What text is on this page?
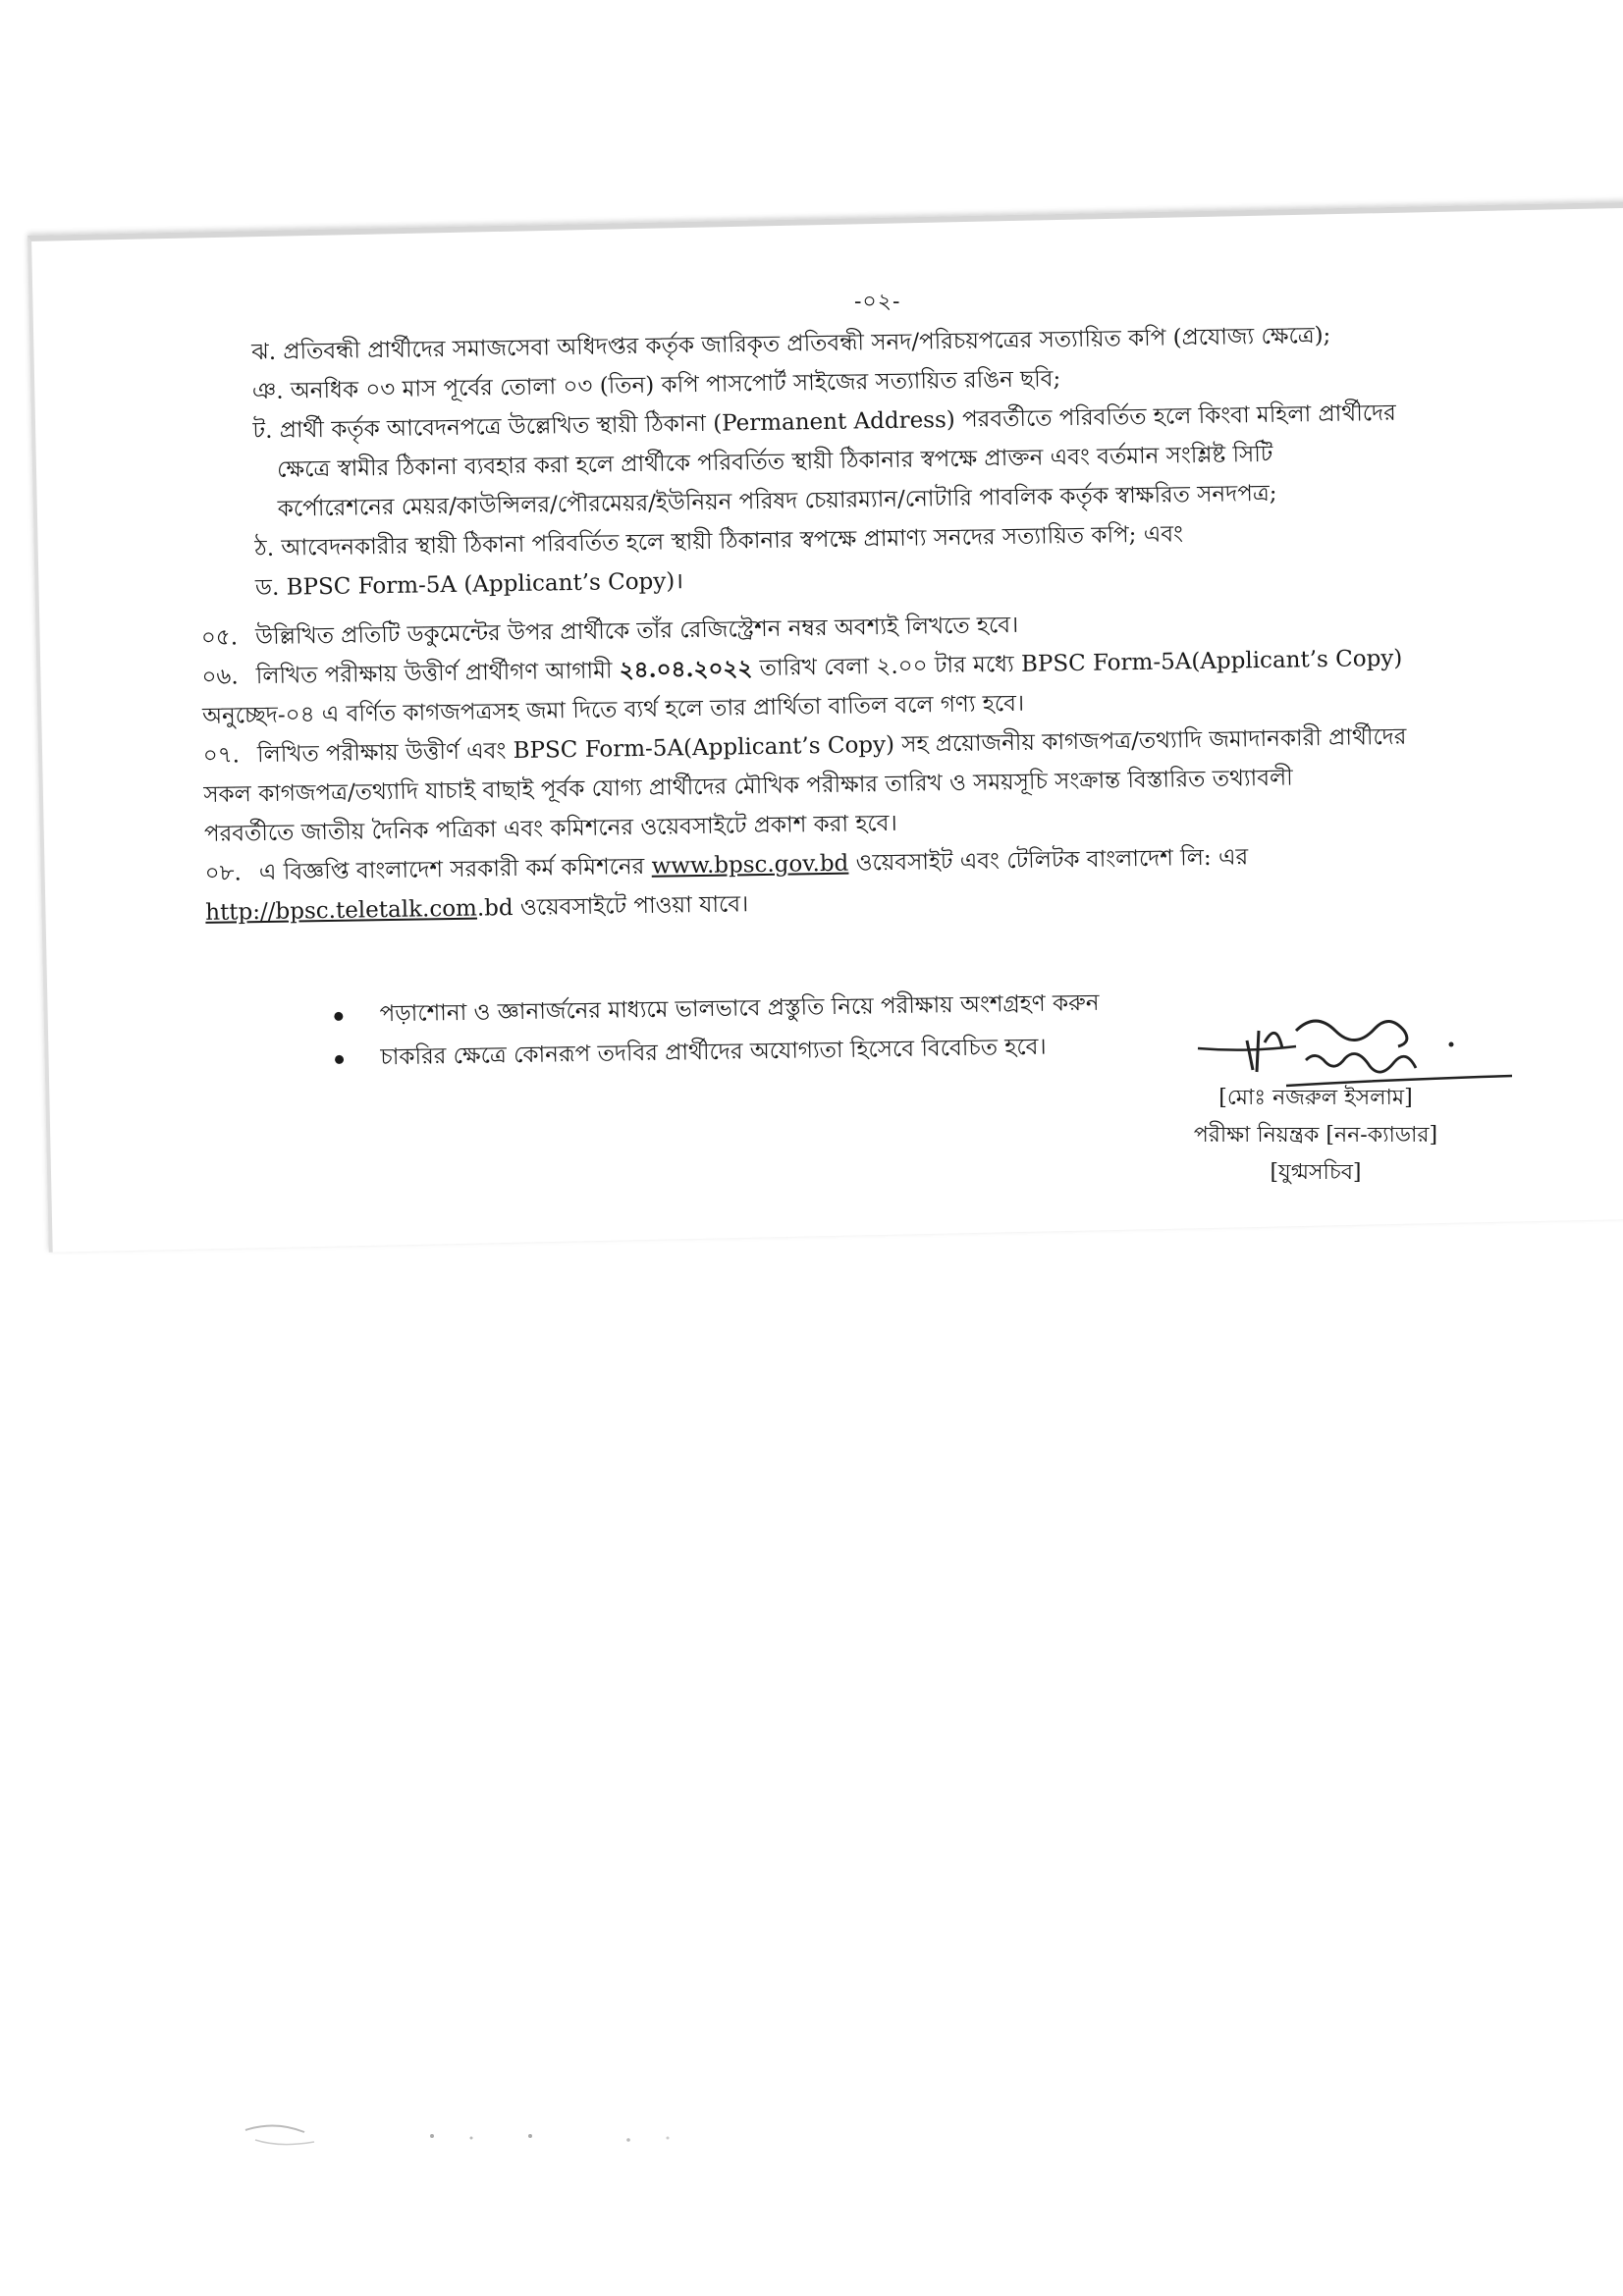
-০২-
ঝ. প্রতিবন্ধী প্রার্থীদের সমাজসেবা অধিদপ্তর কর্তৃক জারিকৃত প্রতিবন্ধী সনদ/পরিচয়পত্রের সত্যায়িত কপি (প্রযোজ্য ক্ষেত্রে);
ঞ. অনধিক ০৩ মাস পূর্বের তোলা ০৩ (তিন) কপি পাসপোর্ট সাইজের সত্যায়িত রঙিন ছবি;
ট. প্রার্থী কর্তৃক আবেদনপত্রে উল্লেখিত স্থায়ী ঠিকানা (Permanent Address) পরবর্তীতে পরিবর্তিত হলে কিংবা মহিলা প্রার্থীদের
ক্ষেত্রে স্বামীর ঠিকানা ব্যবহার করা হলে প্রার্থীকে পরিবর্তিত স্থায়ী ঠিকানার স্বপক্ষে প্রাক্তন এবং বর্তমান সংশ্লিষ্ট সিটি
কর্পোরেশনের মেয়র/কাউন্সিলর/পৌরমেয়র/ইউনিয়ন পরিষদ চেয়ারম্যান/নোটারি পাবলিক কর্তৃক স্বাক্ষরিত সনদপত্র;
ঠ. আবেদনকারীর স্থায়ী ঠিকানা পরিবর্তিত হলে স্থায়ী ঠিকানার স্বপক্ষে প্রামাণ্য সনদের সত্যায়িত কপি; এবং
ড. BPSC Form-5A (Applicant’s Copy)।
০৫. উল্লিখিত প্রতিটি ডকুমেন্টের উপর প্রার্থীকে তাঁর রেজিস্ট্রেশন নম্বর অবশ্যই লিখতে হবে।
০৬. লিখিত পরীক্ষায় উত্তীর্ণ প্রার্থীগণ আগামী ২৪.০৪.২০২২ তারিখ বেলা ২.০০ টার মধ্যে BPSC Form-5A(Applicant’s Copy)
অনুচ্ছেদ-০৪ এ বর্ণিত কাগজপত্রসহ জমা দিতে ব্যর্থ হলে তার প্রার্থিতা বাতিল বলে গণ্য হবে।
০৭. লিখিত পরীক্ষায় উত্তীর্ণ এবং BPSC Form-5A(Applicant’s Copy) সহ প্রয়োজনীয় কাগজপত্র/তথ্যাদি জমাদানকারী প্রার্থীদের
সকল কাগজপত্র/তথ্যাদি যাচাই বাছাই পূর্বক যোগ্য প্রার্থীদের মৌখিক পরীক্ষার তারিখ ও সময়সূচি সংক্রান্ত বিস্তারিত তথ্যাবলী
পরবর্তীতে জাতীয় দৈনিক পত্রিকা এবং কমিশনের ওয়েবসাইটে প্রকাশ করা হবে।
০৮. এ বিজ্ঞপ্তি বাংলাদেশ সরকারী কর্ম কমিশনের www.bpsc.gov.bd ওয়েবসাইট এবং টেলিটক বাংলাদেশ লি: এর
http://bpsc.teletalk.com.bd ওয়েবসাইটে পাওয়া যাবে।
পড়াশোনা ও জ্ঞানার্জনের মাধ্যমে ভালভাবে প্রস্তুতি নিয়ে পরীক্ষায় অংশগ্রহণ করুন
চাকরির ক্ষেত্রে কোনরূপ তদবির প্রার্থীদের অযোগ্যতা হিসেবে বিবেচিত হবে।
[মোঃ নজরুল ইসলাম]
পরীক্ষা নিয়ন্ত্রক [নন-ক্যাডার]
[যুগ্মসচিব]
